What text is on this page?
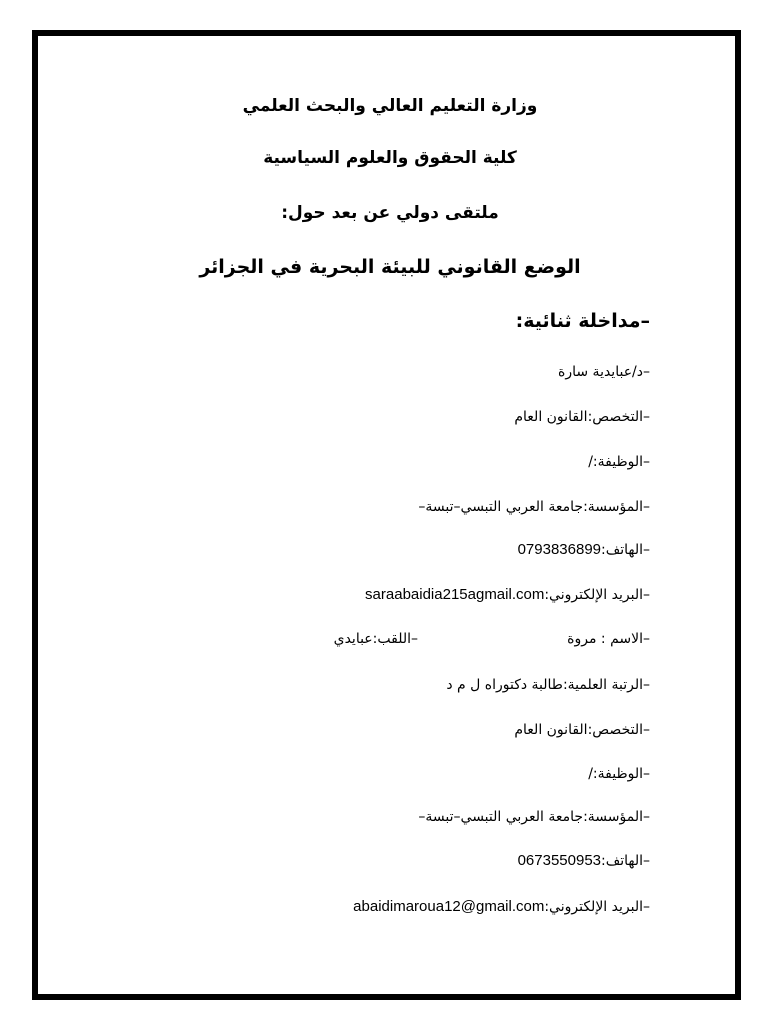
وزارة التعليم العالي والبحث العلمي
كلية الحقوق والعلوم السياسية
ملتقى دولي عن بعد حول:
الوضع القانوني للبيئة البحرية في الجزائر
–مداخلة ثنائية:
–د/عبايدية سارة
–التخصص:القانون العام
–الوظيفة:/
–المؤسسة:جامعة العربي التبسي–تبسة–
–الهاتف:0793836899
–البريد الإلكتروني:saraabaidia215agmail.com
–الاسم : مروة
–اللقب:عبايدي
–الرتبة العلمية:طالبة دكتوراه ل م د
–التخصص:القانون العام
–الوظيفة:/
–المؤسسة:جامعة العربي التبسي–تبسة–
–الهاتف:0673550953
–البريد الإلكتروني:abaidimaroua12@gmail.com
